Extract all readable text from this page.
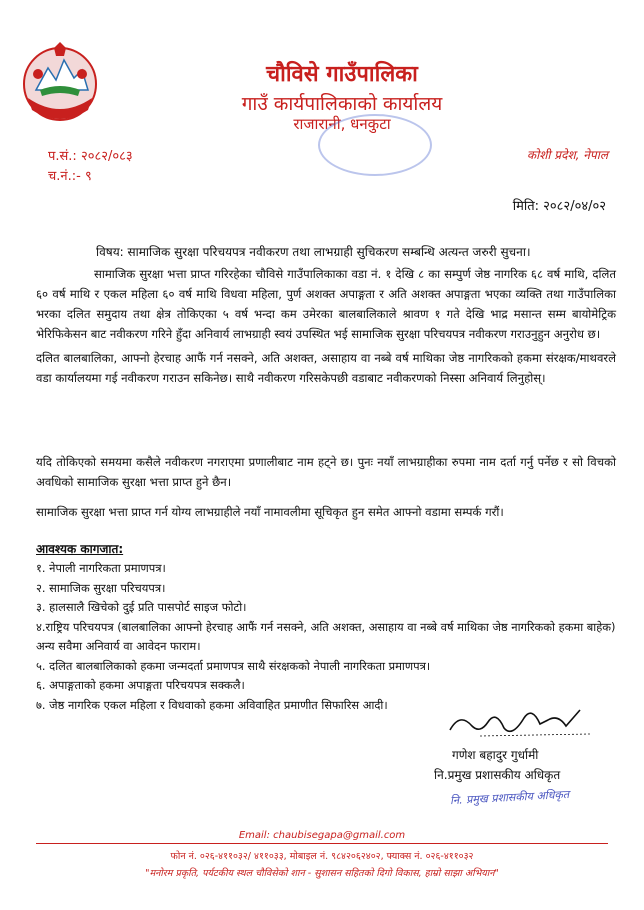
चौविसे गाउँपालिका
गाउँ कार्यपालिकाको कार्यालय
राजारानी, धनकुटा
प.सं.: २०८२/०८३
च.नं.:- ९
कोशी प्रदेश, नेपाल
मिति: २०८२/०४/०२
विषय: सामाजिक सुरक्षा परिचयपत्र नवीकरण तथा लाभग्राही सुचिकरण सम्बन्धि अत्यन्त जरुरी सुचना।

सामाजिक सुरक्षा भत्ता प्राप्त गरिरहेका चौविसे गाउँपालिकाका वडा नं. १ देखि ८ का सम्पुर्ण जेष्ठ नागरिक ६८ वर्ष माथि, दलित ६० वर्ष माथि र एकल महिला ६० वर्ष माथि विधवा महिला, पुर्ण अशक्त अपाङ्गता र अति अशक्त अपाङ्गता भएका व्यक्ति तथा गाउँपालिका भरका दलित समुदाय तथा क्षेत्र तोकिएका ५ वर्ष भन्दा कम उमेरका बालबालिकाले श्रावण १ गते देखि भाद्र मसान्त सम्म बायोमेट्रिक भेरिफिकेसन बाट नवीकरण गरिने हुँदा अनिवार्य लाभग्राही स्वयं उपस्थित भई सामाजिक सुरक्षा परिचयपत्र नवीकरण गराउनुहुन अनुरोध छ।

दलित बालबालिका, आफ्नो हेरचाह आफैं गर्न नसक्ने, अति अशक्त, असाहाय वा नब्बे वर्ष माथिका जेष्ठ नागरिकको हकमा संरक्षक/माथवरले वडा कार्यालयमा गई नवीकरण गराउन सकिनेछ। साथै नवीकरण गरिसकेपछी वडाबाट नवीकरणको निस्सा अनिवार्य लिनुहोस्।

यदि तोकिएको समयमा कसैले नवीकरण नगराएमा प्रणालीबाट नाम हट्ने छ। पुनः नयाँ लाभग्राहीका रुपमा नाम दर्ता गर्नु पर्नेछ र सो विचको अवधिको सामाजिक सुरक्षा भत्ता प्राप्त हुने छैन।

सामाजिक सुरक्षा भत्ता प्राप्त गर्न योग्य लाभग्राहीले नयाँ नामावलीमा सूचिकृत हुन समेत आफ्नो वडामा सम्पर्क गरौं।

आवश्यक कागजात:
१. नेपाली नागरिकता प्रमाणपत्र।
२. सामाजिक सुरक्षा परिचयपत्र।
३. हालसालै खिचेको दुई प्रति पासपोर्ट साइज फोटो।
४.राष्ट्रिय परिचयपत्र (बालबालिका आफ्नो हेरचाह आफैं गर्न नसक्ने, अति अशक्त, असाहाय वा नब्बे वर्ष माथिका जेष्ठ नागरिकको हकमा बाहेक) अन्य सवैमा अनिवार्य वा आवेदन फाराम।
५. दलित बालबालिकाको हकमा जन्मदर्ता प्रमाणपत्र साथै संरक्षकको नेपाली नागरिकता प्रमाणपत्र।
६. अपाङ्गताको हकमा अपाङ्गता परिचयपत्र सक्कलै।
७. जेष्ठ नागरिक एकल महिला र विधवाको हकमा अविवाहित प्रमाणीत सिफारिस आदी।
गणेश बहादुर गुर्धामी
नि.प्रमुख प्रशासकीय अधिकृत
नि. प्रमुख प्रशासकीय अधिकृत
Email: chaubisegapa@gmail.com
फोन नं. ०२६-४११०३२/ ४११०३३, मोबाइल नं. ९८४२०६२४०२, फ्याक्स नं. ०२६-४११०३२
"मनोरम प्रकृति, पर्यटकीय स्थल चौविसेको शान - सुशासन सहितको दिगो विकास, हाम्रो साझा अभियान"
